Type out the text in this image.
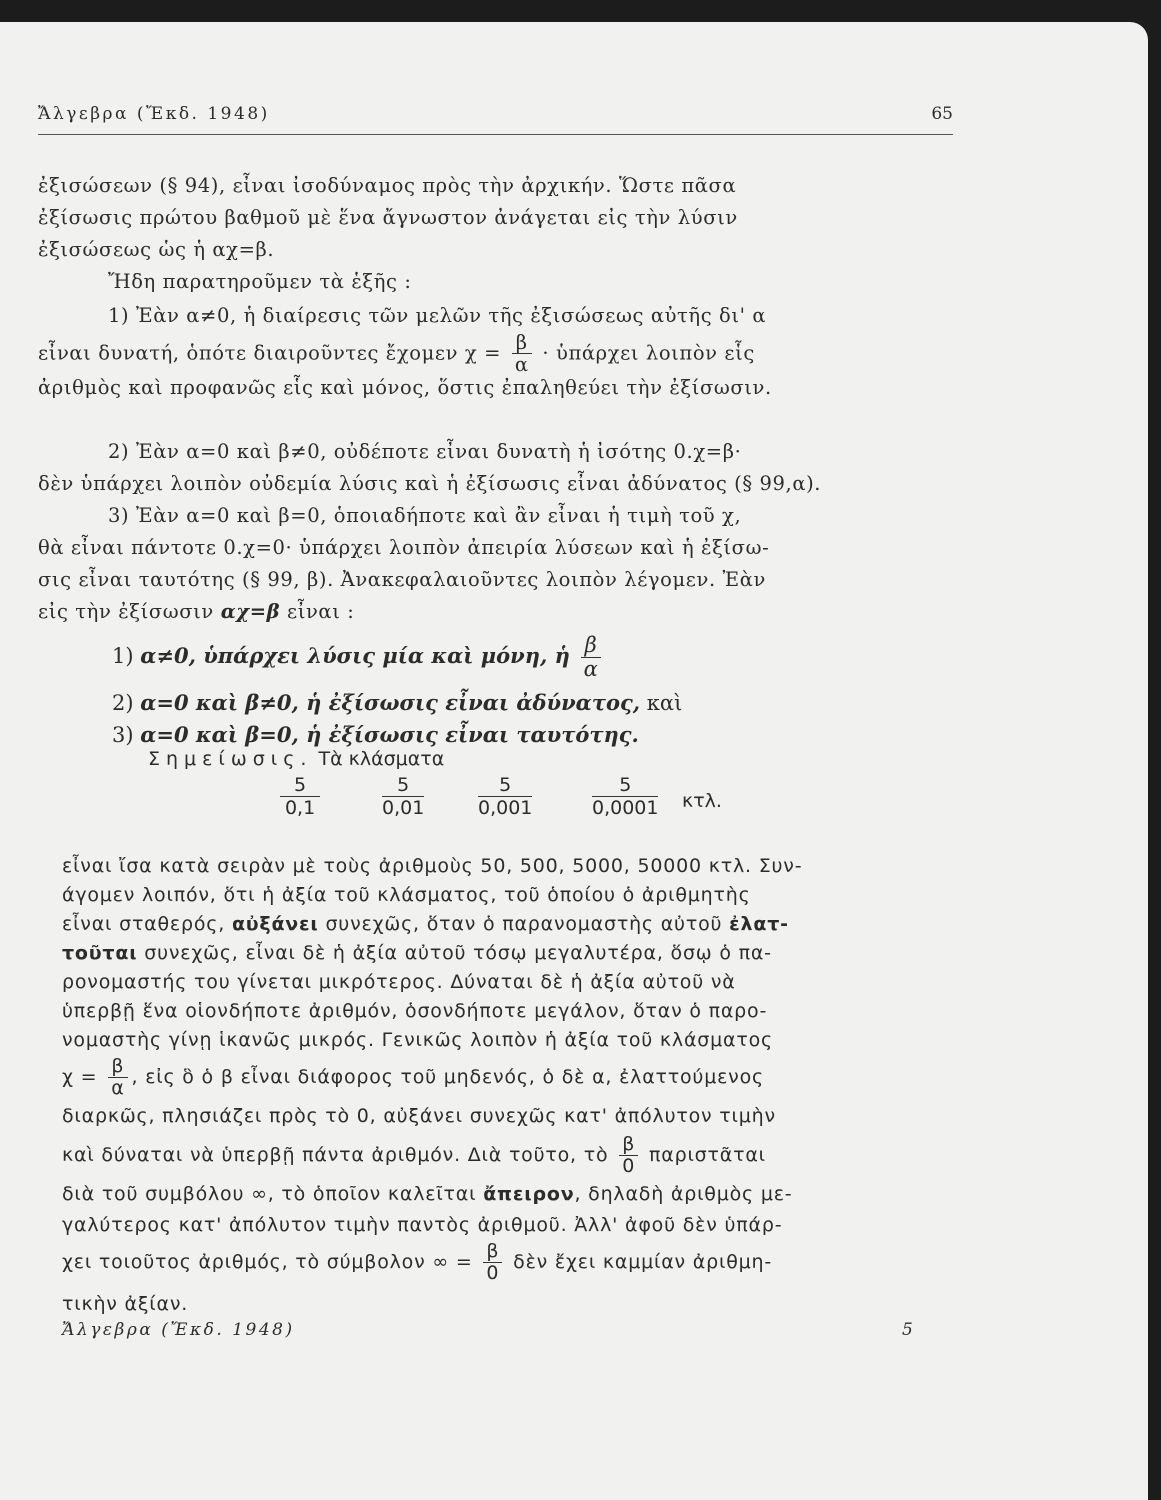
Ἄλγεβρα (Ἔκδ. 1948)	65
ἐξισώσεων (§ 94), εἶναι ἰσοδύναμος πρὸς τὴν ἀρχικήν. Ὥστε πᾶσα
ἐξίσωσις πρώτου βαθμοῦ μὲ ἕνα ἄγνωστον ἀνάγεται εἰς τὴν λύσιν
ἐξισώσεως ὡς ἡ αχ=β.
Ἤδη παρατηροῦμεν τὰ ἑξῆς :
1) Ἐὰν α≠0, ἡ διαίρεσις τῶν μελῶν τῆς ἐξισώσεως αὐτῆς δι' α
εἶναι δυνατή, ὁπότε διαιροῦντες ἔχομεν $\chi = \frac{\beta}{\alpha}$ · ὑπάρχει λοιπὸν εἷς
ἀριθμὸς καὶ προφανῶς εἷς καὶ μόνος, ὅστις ἐπαληθεύει τὴν ἐξίσωσιν.
2) Ἐὰν α=0 καὶ β≠0, οὐδέποτε εἶναι δυνατὴ ἡ ἰσότης 0.χ=β·
δὲν ὑπάρχει λοιπὸν οὐδεμία λύσις καὶ ἡ ἐξίσωσις εἶναι ἀδύνατος (§ 99,α).
3) Ἐὰν α=0 καὶ β=0, ὁποιαδήποτε καὶ ἂν εἶναι ἡ τιμὴ τοῦ χ,
θὰ εἶναι πάντοτε 0.χ=0· ὑπάρχει λοιπὸν ἀπειρία λύσεων καὶ ἡ ἐξίσω-
σις εἶναι ταυτότης (§ 99, β). Ἀνακεφαλαιοῦντες λοιπὸν λέγομεν. Ἐὰν
εἰς τὴν ἐξίσωσιν αχ=β εἶναι :
1) α≠0, ὑπάρχει λύσις μία καὶ μόνη, ἡ $\frac{\beta}{\alpha}$
2) α=0 καὶ β≠0, ἡ ἐξίσωσις εἶναι ἀδύνατος, καὶ
3) α=0 καὶ β=0, ἡ ἐξίσωσις εἶναι ταυτότης.
Σημείωσις. Τὰ κλάσματα
$\frac{5}{0,1}$	$\frac{5}{0,01}$	$\frac{5}{0,001}$	$\frac{5}{0,0001} \kappa\tau\lambda$.
εἶναι ἴσα κατὰ σειρὰν μὲ τοὺς ἀριθμοὺς 50, 500, 5000, 50000 κτλ. Συν-
άγομεν λοιπόν, ὅτι ἡ ἀξία τοῦ κλάσματος, τοῦ ὁποίου ὁ ἀριθμητὴς
εἶναι σταθερός, αὐξάνει συνεχῶς, ὅταν ὁ παρανομαστὴς αὐτοῦ ἐλατ-
τοῦται συνεχῶς, εἶναι δὲ ἡ ἀξία αὐτοῦ τόσῳ μεγαλυτέρα, ὅσῳ ὁ πα-
ρονομαστής του γίνεται μικρότερος. Δύναται δὲ ἡ ἀξία αὐτοῦ νὰ
ὑπερβῇ ἕνα οἱονδήποτε ἀριθμόν, ὁσονδήποτε μεγάλον, ὅταν ὁ παρο-
νομαστὴς γίνῃ ἱκανῶς μικρός. Γενικῶς λοιπὸν ἡ ἀξία τοῦ κλάσματος
$\chi = \frac{\beta}{\alpha}$ , εἰς ὃ ὁ β εἶναι διάφορος τοῦ μηδενός, ὁ δὲ α, ἐλαττούμενος
διαρκῶς, πλησιάζει πρὸς τὸ 0, αὐξάνει συνεχῶς κατ' ἀπόλυτον τιμὴν
καὶ δύναται νὰ ὑπερβῇ πάντα ἀριθμόν. Διὰ τοῦτο, τὸ $\frac{\beta}{0}$ παριστᾶται
διὰ τοῦ συμβόλου ∞, τὸ ὁποῖον καλεῖται ἄπειρον, δηλαδὴ ἀριθμὸς με-
γαλύτερος κατ' ἀπόλυτον τιμὴν παντὸς ἀριθμοῦ. Ἀλλ' ἀφοῦ δὲν ὑπάρ-
χει τοιοῦτος ἀριθμός, τὸ σύμβολον ∞ = $\frac{\beta}{0}$ δὲν ἔχει καμμίαν ἀριθμη-
τικὴν ἀξίαν.
Ἄλγεβρα (Ἔκδ. 1948)	5
